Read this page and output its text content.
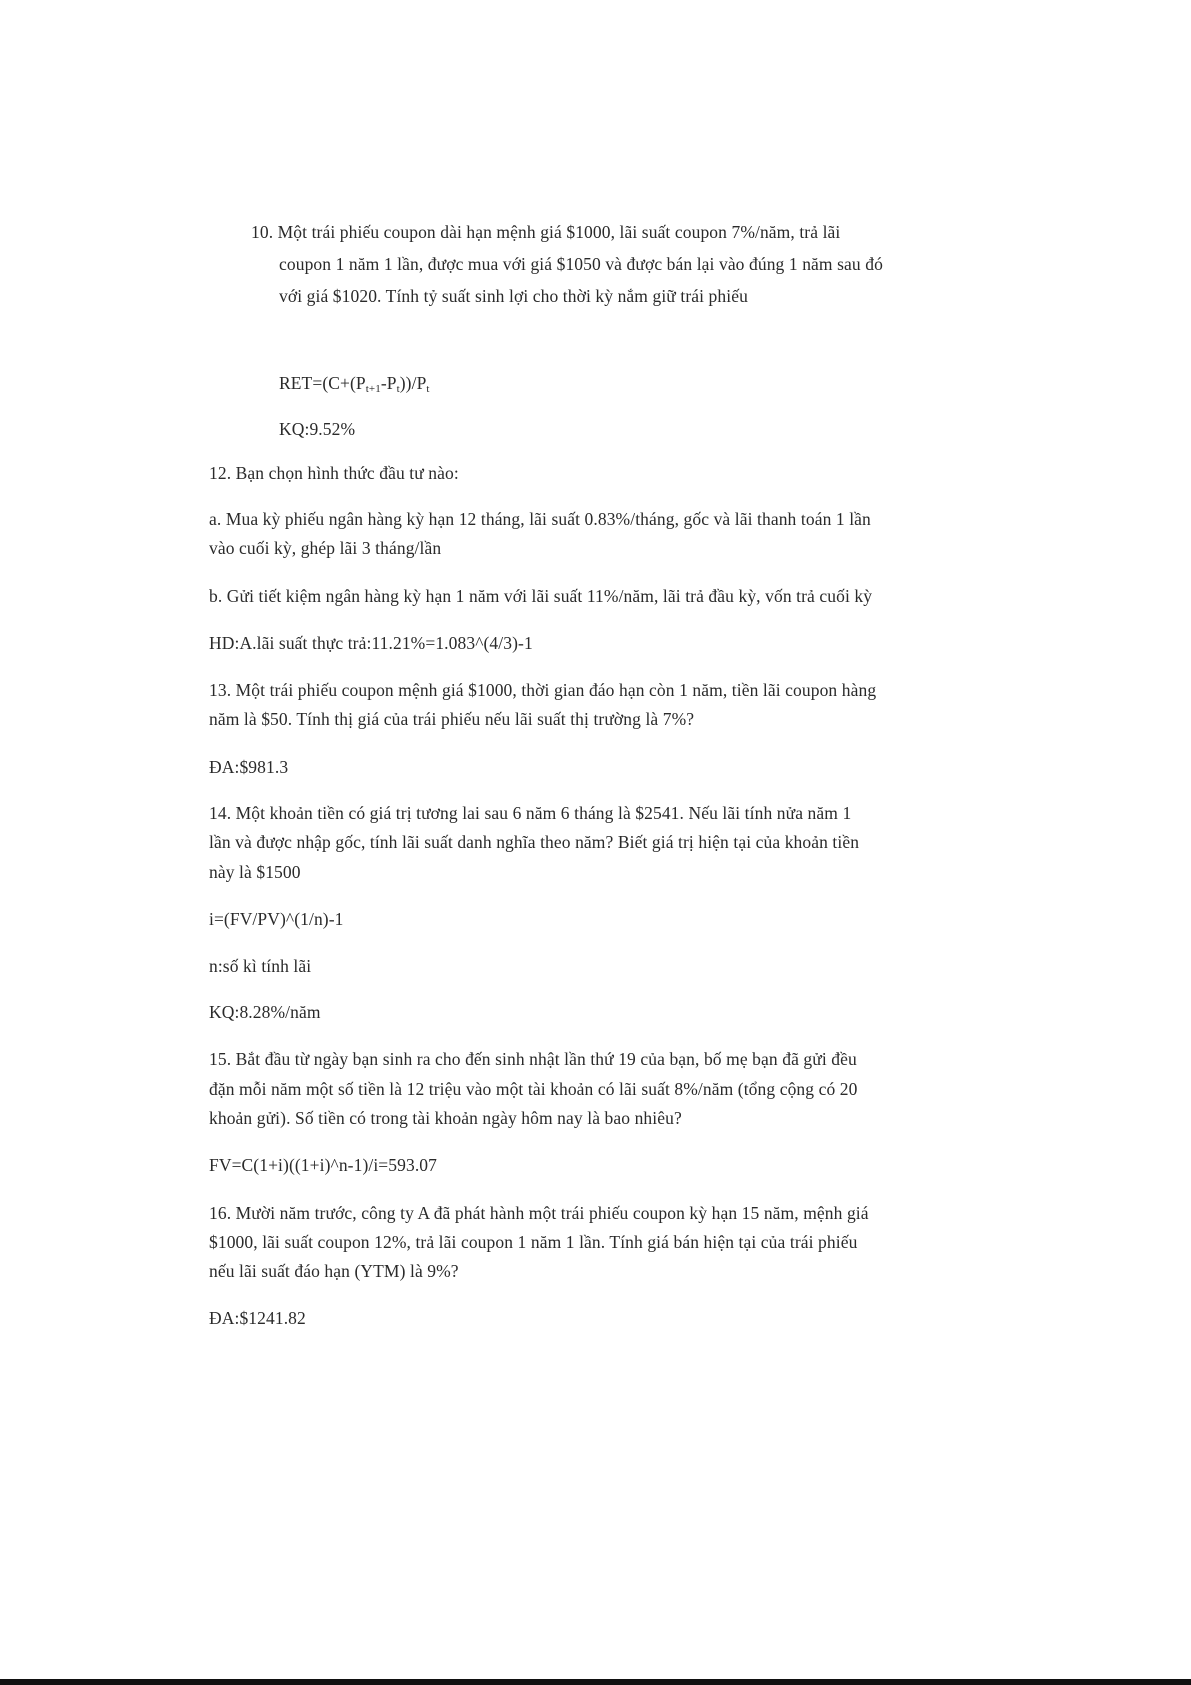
10. Một trái phiếu coupon dài hạn mệnh giá $1000, lãi suất coupon 7%/năm, trả lãi
coupon 1 năm 1 lần, được mua với giá $1050 và được bán lại vào đúng 1 năm sau đó
với giá $1020. Tính tỷ suất sinh lợi cho thời kỳ nắm giữ trái phiếu
$RET=(C+(P_{t+1}-P_t))/P_t$
KQ:9.52%
12. Bạn chọn hình thức đầu tư nào:
a. Mua kỳ phiếu ngân hàng kỳ hạn 12 tháng, lãi suất 0.83%/tháng, gốc và lãi thanh toán 1 lần
vào cuối kỳ, ghép lãi 3 tháng/lần
b. Gửi tiết kiệm ngân hàng kỳ hạn 1 năm với lãi suất 11%/năm, lãi trả đầu kỳ, vốn trả cuối kỳ
HD:A.lãi suất thực trả:11.21%=1.083^(4/3)-1
13. Một trái phiếu coupon mệnh giá $1000, thời gian đáo hạn còn 1 năm, tiền lãi coupon hàng
năm là $50. Tính thị giá của trái phiếu nếu lãi suất thị trường là 7%?
ĐA:$981.3
14. Một khoản tiền có giá trị tương lai sau 6 năm 6 tháng là $2541. Nếu lãi tính nửa năm 1
lần và được nhập gốc, tính lãi suất danh nghĩa theo năm? Biết giá trị hiện tại của khoản tiền
này là $1500
i=(FV/PV)^(1/n)-1
n:số kì tính lãi
KQ:8.28%/năm
15. Bắt đầu từ ngày bạn sinh ra cho đến sinh nhật lần thứ 19 của bạn, bố mẹ bạn đã gửi đều
đặn mỗi năm một số tiền là 12 triệu vào một tài khoản có lãi suất 8%/năm (tổng cộng có 20
khoản gửi). Số tiền có trong tài khoản ngày hôm nay là bao nhiêu?
FV=C(1+i)((1+i)^n-1)/i=593.07
16. Mười năm trước, công ty A đã phát hành một trái phiếu coupon kỳ hạn 15 năm, mệnh giá
$1000, lãi suất coupon 12%, trả lãi coupon 1 năm 1 lần. Tính giá bán hiện tại của trái phiếu
nếu lãi suất đáo hạn (YTM) là 9%?
ĐA:$1241.82
